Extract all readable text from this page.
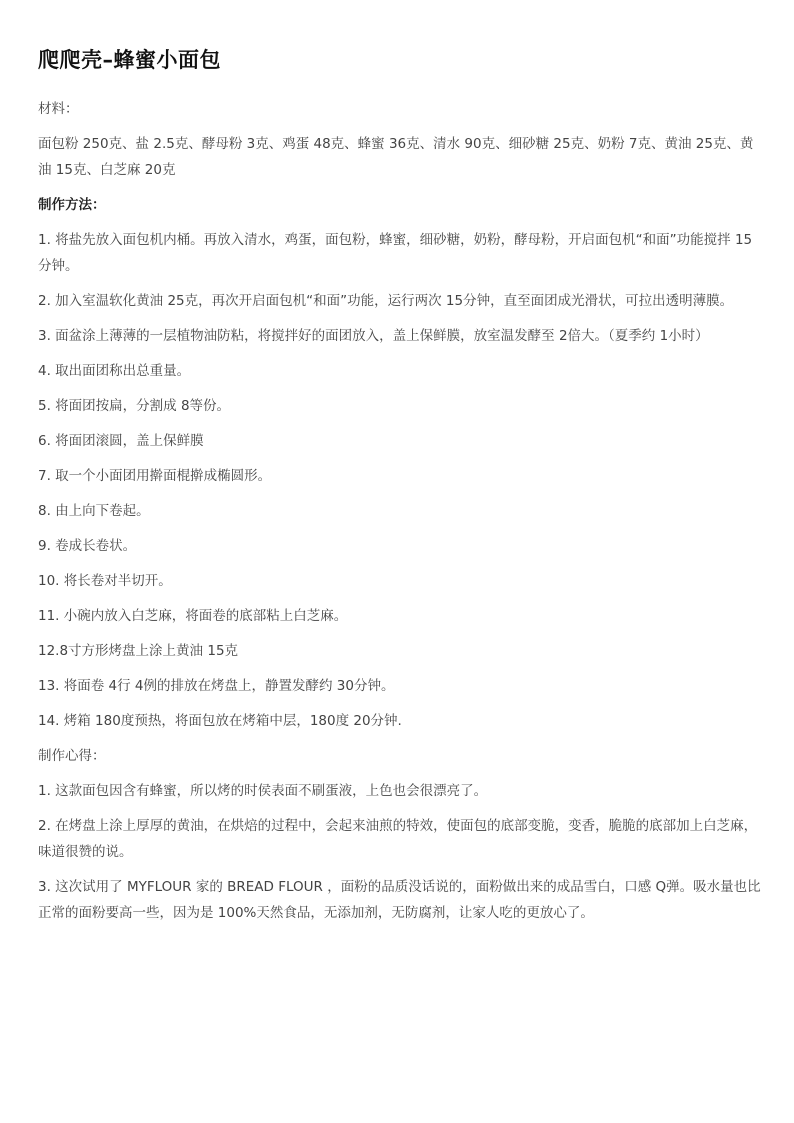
爬爬壳–蜂蜜小面包

材料：

面包粉 250克、盐 2.5克、酵母粉 3克、鸡蛋 48克、蜂蜜 36克、清水 90克、细砂糖 25克、奶粉 7克、黄油 25克、黄油 15克、白芝麻 20克

制作方法：

1. 将盐先放入面包机内桶。再放入清水，鸡蛋，面包粉，蜂蜜，细砂糖，奶粉，酵母粉，开启面包机“和面”功能搅拌 15分钟。

2. 加入室温软化黄油 25克，再次开启面包机“和面”功能，运行两次 15分钟，直至面团成光滑状，可拉出透明薄膜。

3. 面盆涂上薄薄的一层植物油防粘，将搅拌好的面团放入，盖上保鲜膜，放室温发酵至 2倍大。（夏季约 1小时）

4. 取出面团称出总重量。

5. 将面团按扁，分割成 8等份。

6. 将面团滚圆，盖上保鲜膜

7. 取一个小面团用擀面棍擀成椭圆形。

8. 由上向下卷起。

9. 卷成长卷状。

10. 将长卷对半切开。

11. 小碗内放入白芝麻，将面卷的底部粘上白芝麻。

12.8寸方形烤盘上涂上黄油 15克

13. 将面卷 4行 4例的排放在烤盘上，静置发酵约 30分钟。

14. 烤箱 180度预热，将面包放在烤箱中层，180度 20分钟.

制作心得：

1. 这款面包因含有蜂蜜，所以烤的时侯表面不刷蛋液，上色也会很漂亮了。

2. 在烤盘上涂上厚厚的黄油，在烘焙的过程中，会起来油煎的特效，使面包的底部变脆，变香，脆脆的底部加上白芝麻，味道很赞的说。

3. 这次试用了 MYFLOUR 家的 BREAD FLOUR ，面粉的品质没话说的，面粉做出来的成品雪白，口感 Q弹。吸水量也比正常的面粉要高一些，因为是 100%天然食品，无添加剂，无防腐剂，让家人吃的更放心了。
